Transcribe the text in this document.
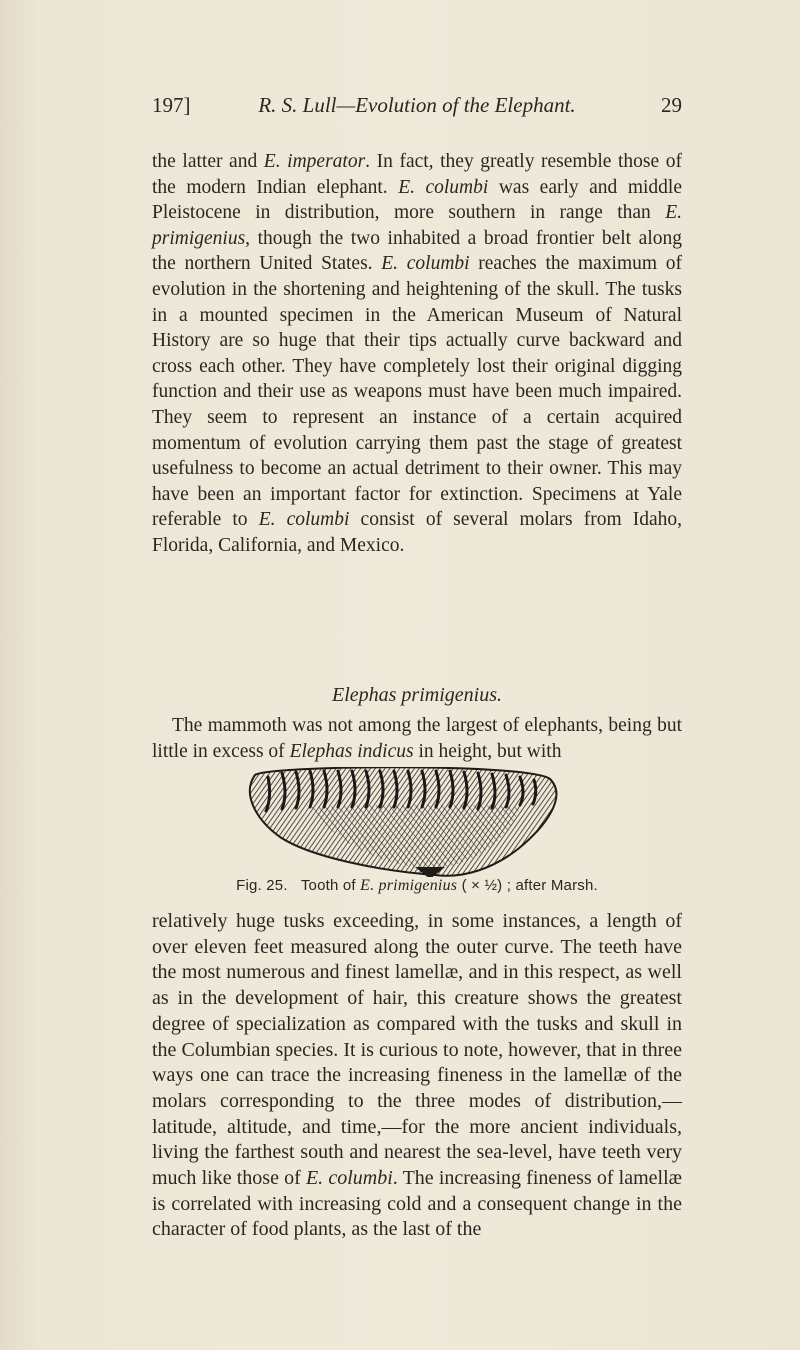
197]	R. S. Lull—Evolution of the Elephant.	29
the latter and E. imperator. In fact, they greatly resemble those of the modern Indian elephant. E. columbi was early and middle Pleistocene in distribution, more southern in range than E. primigenius, though the two inhabited a broad frontier belt along the northern United States. E. columbi reaches the maximum of evolution in the shortening and heightening of the skull. The tusks in a mounted specimen in the American Museum of Natural History are so huge that their tips actually curve backward and cross each other. They have completely lost their original digging function and their use as weapons must have been much impaired. They seem to represent an instance of a certain acquired momentum of evolution carrying them past the stage of greatest usefulness to become an actual detriment to their owner. This may have been an important factor for extinction. Specimens at Yale referable to E. columbi consist of several molars from Idaho, Florida, California, and Mexico.
Elephas primigenius.
The mammoth was not among the largest of elephants, being but little in excess of Elephas indicus in height, but with
Fig. 25. Tooth of E. primigenius ( × ½) ; after Marsh.
relatively huge tusks exceeding, in some instances, a length of over eleven feet measured along the outer curve. The teeth have the most numerous and finest lamellæ, and in this respect, as well as in the development of hair, this creature shows the greatest degree of specialization as compared with the tusks and skull in the Columbian species. It is curious to note, however, that in three ways one can trace the increasing fineness in the lamellæ of the molars corresponding to the three modes of distribution,—latitude, altitude, and time,—for the more ancient individuals, living the farthest south and nearest the sea-level, have teeth very much like those of E. columbi. The increasing fineness of lamellæ is correlated with increasing cold and a consequent change in the character of food plants, as the last of the
